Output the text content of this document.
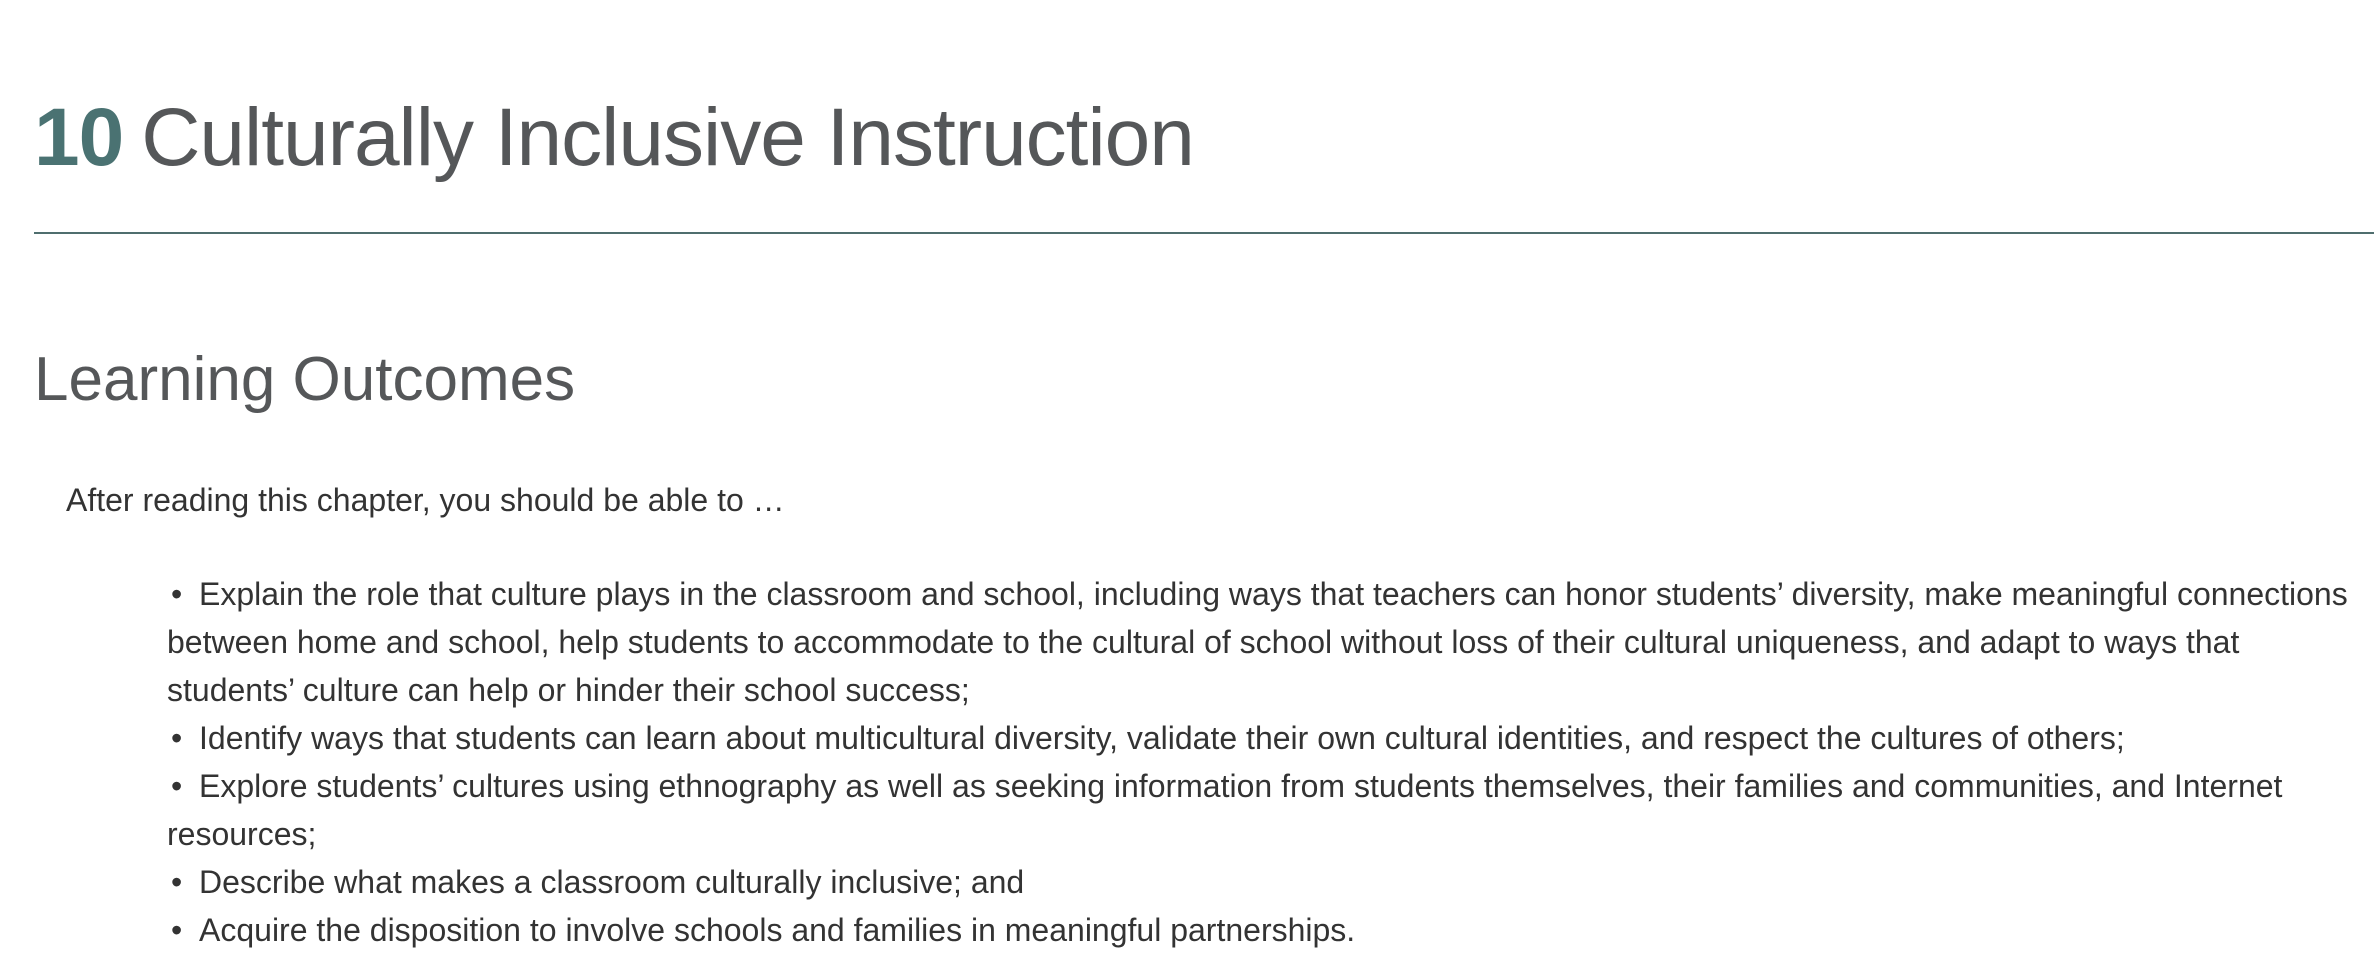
10 Culturally Inclusive Instruction
Learning Outcomes

After reading this chapter, you should be able to …

• Explain the role that culture plays in the classroom and school, including ways that teachers can honor students’ diversity, make meaningful connections between home and school, help students to accommodate to the cultural of school without loss of their cultural uniqueness, and adapt to ways that students’ culture can help or hinder their school success;
• Identify ways that students can learn about multicultural diversity, validate their own cultural identities, and respect the cultures of others;
• Explore students’ cultures using ethnography as well as seeking information from students themselves, their families and communities, and Internet resources;
• Describe what makes a classroom culturally inclusive; and
• Acquire the disposition to involve schools and families in meaningful partnerships.
